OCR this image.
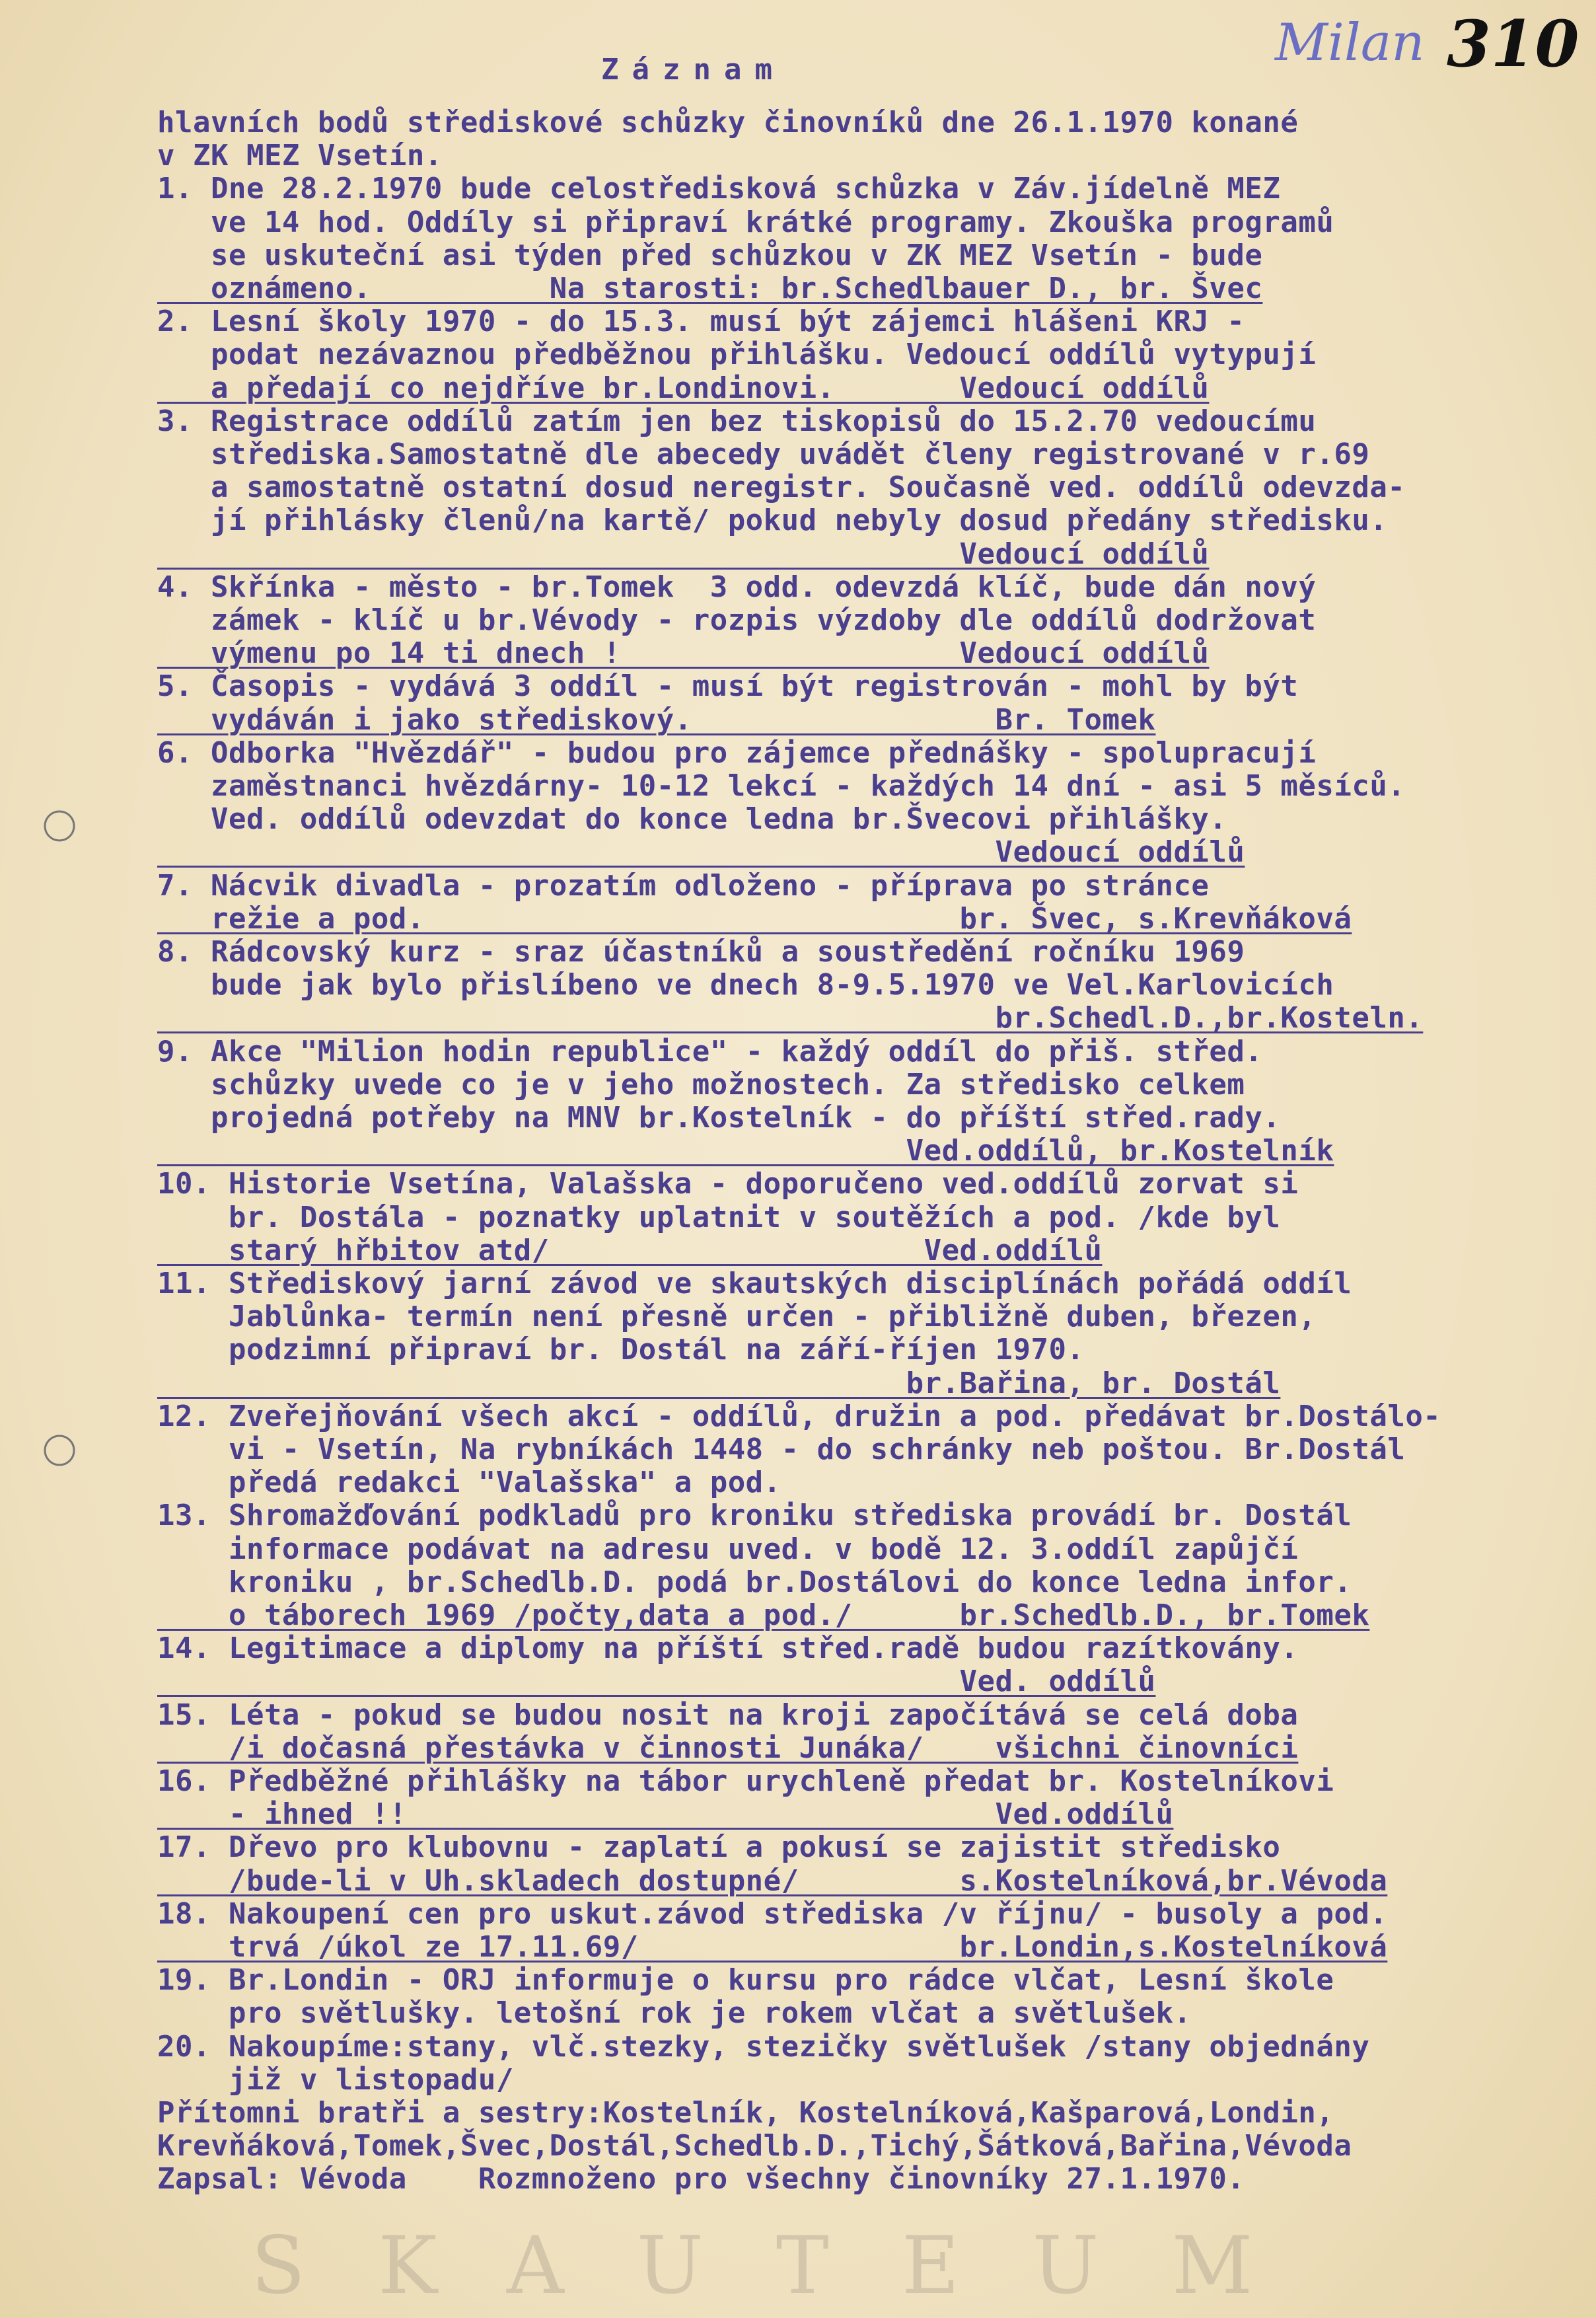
310
Milan
Záznam
hlavních bodů střediskové schůzky činovníků dne 26.1.1970 konané
v ZK MEZ Vsetín.
1. Dne 28.2.1970 bude celostředisková schůzka v Záv.jídelně MEZ
ve 14 hod. Oddíly si připraví krátké programy. Zkouška programů
se uskuteční asi týden před schůzkou v ZK MEZ Vsetín - bude
oznámeno.          Na starosti: br.Schedlbauer D., br. Švec
2. Lesní školy 1970 - do 15.3. musí být zájemci hlášeni KRJ -
podat nezávaznou předběžnou přihlášku. Vedoucí oddílů vytypují
a předají co nejdříve br.Londinovi.       Vedoucí oddílů
3. Registrace oddílů zatím jen bez tiskopisů do 15.2.70 vedoucímu
střediska.Samostatně dle abecedy uvádět členy registrované v r.69
a samostatně ostatní dosud neregistr. Současně ved. oddílů odevzda-
jí přihlásky členů/na kartě/ pokud nebyly dosud předány středisku.
Vedoucí oddílů
4. Skřínka - město - br.Tomek  3 odd. odevzdá klíč, bude dán nový
zámek - klíč u br.Vévody - rozpis výzdoby dle oddílů dodržovat
výmenu po 14 ti dnech !                   Vedoucí oddílů
5. Časopis - vydává 3 oddíl - musí být registrován - mohl by být
vydáván i jako střediskový.                 Br. Tomek
6. Odborka "Hvězdář" - budou pro zájemce přednášky - spolupracují
zaměstnanci hvězdárny- 10-12 lekcí - každých 14 dní - asi 5 měsíců.
Ved. oddílů odevzdat do konce ledna br.Švecovi přihlášky.
Vedoucí oddílů
7. Nácvik divadla - prozatím odloženo - příprava po stránce
režie a pod.                              br. Švec, s.Krevňáková
8. Rádcovský kurz - sraz účastníků a soustředění ročníku 1969
bude jak bylo přislíbeno ve dnech 8-9.5.1970 ve Vel.Karlovicích
br.Schedl.D.,br.Kosteln.
9. Akce "Milion hodin republice" - každý oddíl do přiš. střed.
schůzky uvede co je v jeho možnostech. Za středisko celkem
projedná potřeby na MNV br.Kostelník - do příští střed.rady.
Ved.oddílů, br.Kostelník
10. Historie Vsetína, Valašska - doporučeno ved.oddílů zorvat si
br. Dostála - poznatky uplatnit v soutěžích a pod. /kde byl
starý hřbitov atd/                     Ved.oddílů
11. Střediskový jarní závod ve skautských disciplínách pořádá oddíl
Jablůnka- termín není přesně určen - přibližně duben, březen,
podzimní připraví br. Dostál na září-říjen 1970.
br.Bařina, br. Dostál
12. Zveřejňování všech akcí - oddílů, družin a pod. předávat br.Dostálo-
vi - Vsetín, Na rybníkách 1448 - do schránky neb poštou. Br.Dostál
předá redakci "Valašska" a pod.
13. Shromažďování podkladů pro kroniku střediska provádí br. Dostál
informace podávat na adresu uved. v bodě 12. 3.oddíl zapůjčí
kroniku , br.Schedlb.D. podá br.Dostálovi do konce ledna infor.
o táborech 1969 /počty,data a pod./      br.Schedlb.D., br.Tomek
14. Legitimace a diplomy na příští střed.radě budou razítkovány.
Ved. oddílů
15. Léta - pokud se budou nosit na kroji započítává se celá doba
/i dočasná přestávka v činnosti Junáka/    všichni činovníci
16. Předběžné přihlášky na tábor urychleně předat br. Kostelníkovi
- ihned !!                                 Ved.oddílů
17. Dřevo pro klubovnu - zaplatí a pokusí se zajistit středisko
/bude-li v Uh.skladech dostupné/         s.Kostelníková,br.Vévoda
18. Nakoupení cen pro uskut.závod střediska /v říjnu/ - busoly a pod.
trvá /úkol ze 17.11.69/                  br.Londin,s.Kostelníková
19. Br.Londin - ORJ informuje o kursu pro rádce vlčat, Lesní škole
pro světlušky. letošní rok je rokem vlčat a světlušek.
20. Nakoupíme:stany, vlč.stezky, stezičky světlušek /stany objednány
již v listopadu/
Přítomni bratři a sestry:Kostelník, Kostelníková,Kašparová,Londin,
Krevňáková,Tomek,Švec,Dostál,Schedlb.D.,Tichý,Šátková,Bařina,Vévoda
Zapsal: Vévoda    Rozmnoženo pro všechny činovníky 27.1.1970.
SKAUTEUM
